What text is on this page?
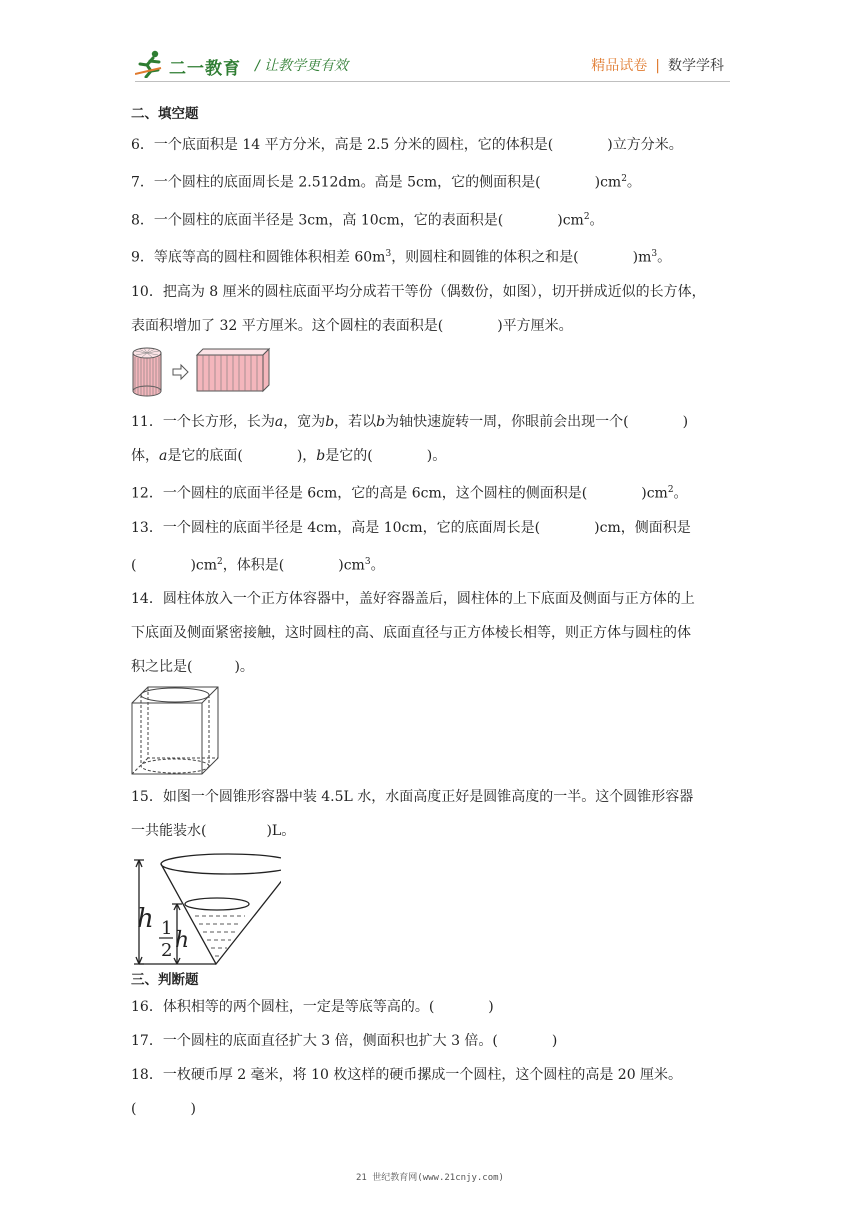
二一教育 / 让教学更有效	精品试卷 | 数学学科

二、填空题

6．一个底面积是 14 平方分米，高是 2.5 分米的圆柱，它的体积是(	)立方分米。

7．一个圆柱的底面周长是 2.512dm。高是 5cm，它的侧面积是(	)$cm^2$。

8．一个圆柱的底面半径是 3cm，高 10cm，它的表面积是(	)$cm^2$。

9．等底等高的圆柱和圆锥体积相差 $60m^3$，则圆柱和圆锥的体积之和是(	)$m^3$。

10．把高为 8 厘米的圆柱底面平均分成若干等份（偶数份，如图），切开拼成近似的长方体，

表面积增加了 32 平方厘米。这个圆柱的表面积是(	)平方厘米。

11．一个长方形，长为a，宽为b，若以b为轴快速旋转一周，你眼前会出现一个(	)

体，a是它的底面(	)，b是它的(	)。

12．一个圆柱的底面半径是 6cm，它的高是 6cm，这个圆柱的侧面积是(	)$cm^2$。

13．一个圆柱的底面半径是 4cm，高是 10cm，它的底面周长是(	)cm，侧面积是

(	)$cm^2$，体积是(	)$cm^3$。

14．圆柱体放入一个正方体容器中，盖好容器盖后，圆柱体的上下底面及侧面与正方体的上

下底面及侧面紧密接触，这时圆柱的高、底面直径与正方体棱长相等，则正方体与圆柱的体

积之比是(	)。

15．如图一个圆锥形容器中装 4.5L 水，水面高度正好是圆锥高度的一半。这个圆锥形容器

一共能装水(	)L。

h 1
2 h

三、判断题

16．体积相等的两个圆柱，一定是等底等高的。(	)

17．一个圆柱的底面直径扩大 3 倍，侧面积也扩大 3 倍。(	)

18．一枚硬币厚 2 毫米，将 10 枚这样的硬币摞成一个圆柱，这个圆柱的高是 20 厘米。

(	)

21 世纪教育网(www.21cnjy.com)
